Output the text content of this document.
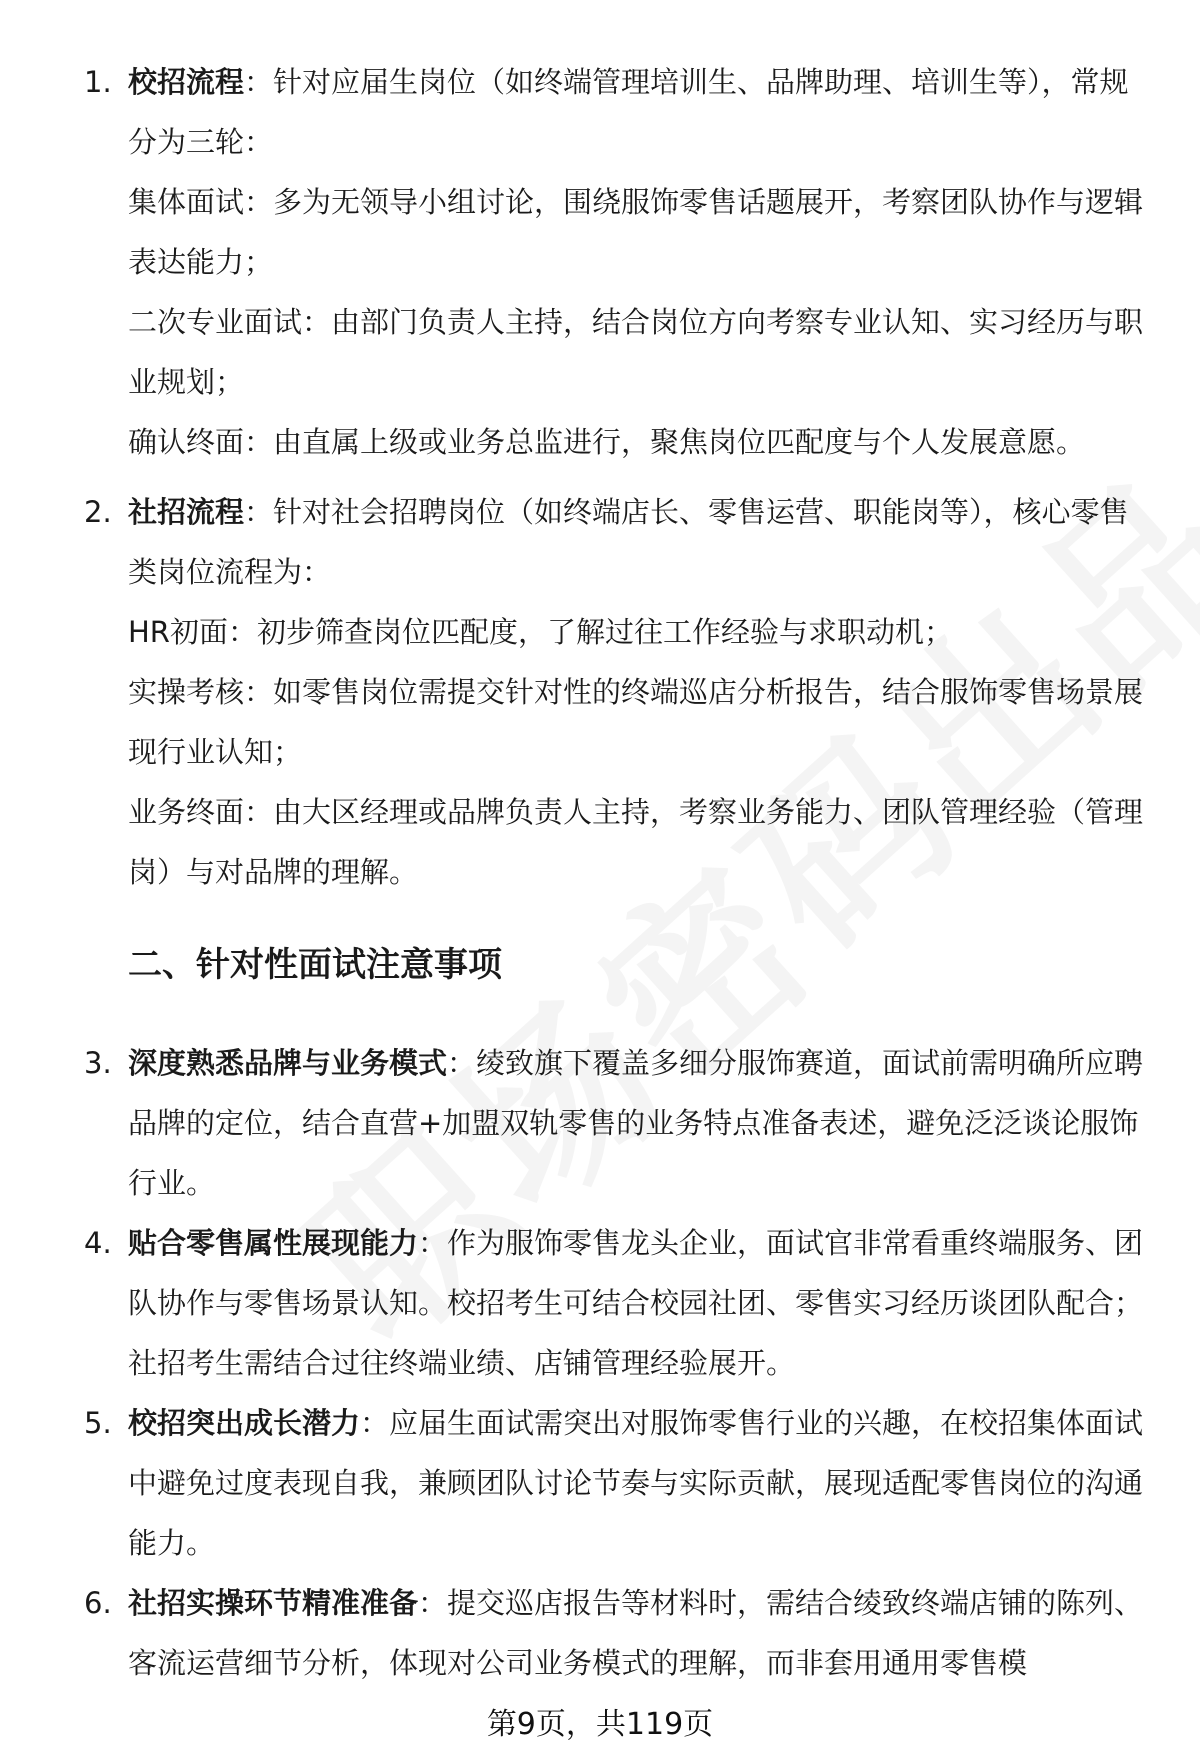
1. 校招流程：针对应届生岗位（如终端管理培训生、品牌助理、培训生等），常规分为三轮：

集体面试：多为无领导小组讨论，围绕服饰零售话题展开，考察团队协作与逻辑表达能力；

二次专业面试：由部门负责人主持，结合岗位方向考察专业认知、实习经历与职业规划；

确认终面：由直属上级或业务总监进行，聚焦岗位匹配度与个人发展意愿。

2. 社招流程：针对社会招聘岗位（如终端店长、零售运营、职能岗等），核心零售类岗位流程为：

HR初面：初步筛查岗位匹配度，了解过往工作经验与求职动机；

实操考核：如零售岗位需提交针对性的终端巡店分析报告，结合服饰零售场景展现行业认知；

业务终面：由大区经理或品牌负责人主持，考察业务能力、团队管理经验（管理岗）与对品牌的理解。

二、针对性面试注意事项
3. 深度熟悉品牌与业务模式：绫致旗下覆盖多细分服饰赛道，面试前需明确所应聘品牌的定位，结合直营+加盟双轨零售的业务特点准备表述，避免泛泛谈论服饰行业。

4. 贴合零售属性展现能力：作为服饰零售龙头企业，面试官非常看重终端服务、团队协作与零售场景认知。校招考生可结合校园社团、零售实习经历谈团队配合；社招考生需结合过往终端业绩、店铺管理经验展开。

5. 校招突出成长潜力：应届生面试需突出对服饰零售行业的兴趣，在校招集体面试中避免过度表现自我，兼顾团队讨论节奏与实际贡献，展现适配零售岗位的沟通能力。

6. 社招实操环节精准准备：提交巡店报告等材料时，需结合绫致终端店铺的陈列、客流运营细节分析，体现对公司业务模式的理解，而非套用通用零售模

第9页，共119页
